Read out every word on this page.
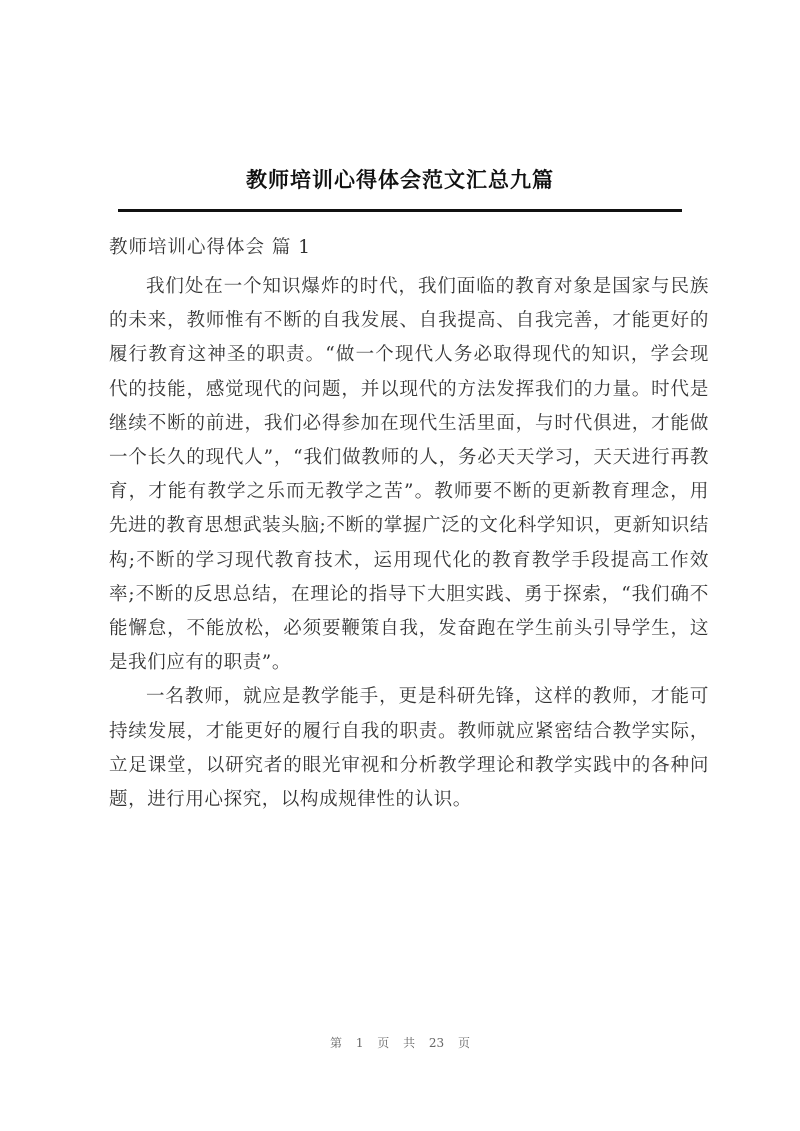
教师培训心得体会范文汇总九篇
教师培训心得体会 篇 1

我们处在一个知识爆炸的时代，我们面临的教育对象是国家与民族的未来，教师惟有不断的自我发展、自我提高、自我完善，才能更好的履行教育这神圣的职责。“做一个现代人务必取得现代的知识，学会现代的技能，感觉现代的问题，并以现代的方法发挥我们的力量。时代是继续不断的前进，我们必得参加在现代生活里面，与时代俱进，才能做一个长久的现代人”，“我们做教师的人，务必天天学习，天天进行再教育，才能有教学之乐而无教学之苦”。教师要不断的更新教育理念，用先进的教育思想武装头脑;不断的掌握广泛的文化科学知识，更新知识结构;不断的学习现代教育技术，运用现代化的教育教学手段提高工作效率;不断的反思总结，在理论的指导下大胆实践、勇于探索，“我们确不能懈怠，不能放松，必须要鞭策自我，发奋跑在学生前头引导学生，这是我们应有的职责”。

一名教师，就应是教学能手，更是科研先锋，这样的教师，才能可持续发展，才能更好的履行自我的职责。教师就应紧密结合教学实际，立足课堂，以研究者的眼光审视和分析教学理论和教学实践中的各种问题，进行用心探究，以构成规律性的认识。

第 1 页 共 23 页
